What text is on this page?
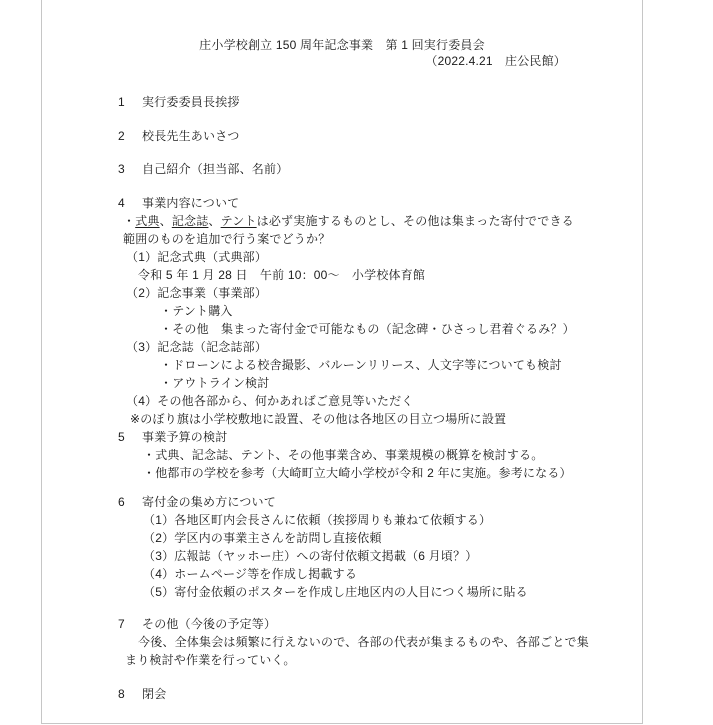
庄小学校創立 150 周年記念事業　第 1 回実行委員会
（2022.4.21　庄公民館）
1 実行委委員長挨拶
2 校長先生あいさつ
3 自己紹介（担当部、名前）
4 事業内容について
・式典、記念誌、テントは必ず実施するものとし、その他は集まった寄付でできる
範囲のものを追加で行う案でどうか？
（1）記念式典（式典部）
令和 5 年 1 月 28 日　午前 10：00～　小学校体育館
（2）記念事業（事業部）
・テント購入
・その他　集まった寄付金で可能なもの（記念碑・ひさっし君着ぐるみ？）
（3）記念誌（記念誌部）
・ドローンによる校舎撮影、バルーンリリース、人文字等についても検討
・アウトライン検討
（4）その他各部から、何かあればご意見等いただく
※のぼり旗は小学校敷地に設置、その他は各地区の目立つ場所に設置
5 事業予算の検討
・式典、記念誌、テント、その他事業含め、事業規模の概算を検討する。
・他都市の学校を参考（大崎町立大崎小学校が令和 2 年に実施。参考になる）
6 寄付金の集め方について
（1）各地区町内会長さんに依頼（挨拶周りも兼ねて依頼する）
（2）学区内の事業主さんを訪問し直接依頼
（3）広報誌（ヤッホー庄）への寄付依頼文掲載（6 月頃？）
（4）ホームページ等を作成し掲載する
（5）寄付金依頼のポスターを作成し庄地区内の人目につく場所に貼る
7 その他（今後の予定等）
今後、全体集会は頻繁に行えないので、各部の代表が集まるものや、各部ごとで集
まり検討や作業を行っていく。
8 閉会
